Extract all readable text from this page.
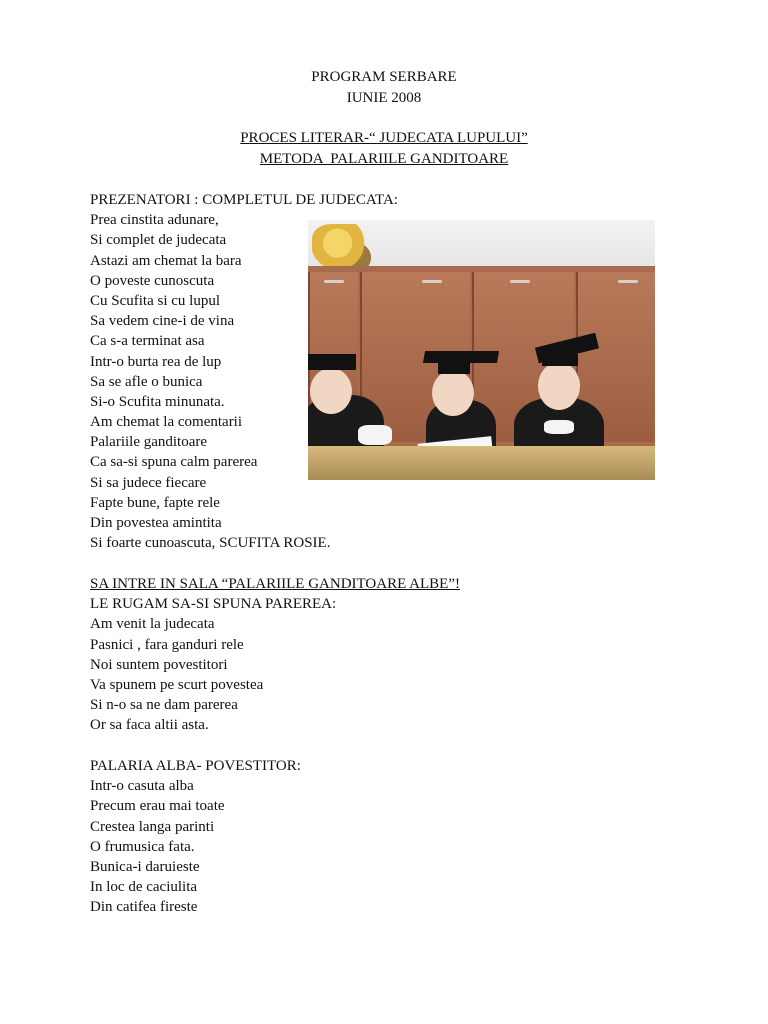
PROGRAM SERBARE
IUNIE 2008
PROCES LITERAR-“ JUDECATA LUPULUI”
METODA  PALARIILE GANDITOARE
PREZENATORI : COMPLETUL DE JUDECATA:
Prea cinstita adunare,
Si complet de judecata
Astazi am chemat la bara
O poveste cunoscuta
Cu Scufita si cu lupul
Sa vedem cine-i de vina
Ca s-a terminat asa
Intr-o burta rea de lup
Sa se afle o bunica
Si-o Scufita minunata.
Am chemat la comentarii
Palariile ganditoare
Ca sa-si spuna calm parerea
Si sa judece fiecare
Fapte bune, fapte rele
Din povestea amintita
Si foarte cunoascuta, SCUFITA ROSIE.
SA INTRE IN SALA “PALARIILE GANDITOARE ALBE”!
LE RUGAM SA-SI SPUNA PAREREA:
Am venit la judecata
Pasnici , fara ganduri rele
Noi suntem povestitori
Va spunem pe scurt povestea
Si n-o sa ne dam parerea
Or sa faca altii asta.
PALARIA ALBA- POVESTITOR:
Intr-o casuta alba
Precum erau mai toate
Crestea langa parinti
O frumusica fata.
Bunica-i daruieste
In loc de caciulita
Din catifea fireste
